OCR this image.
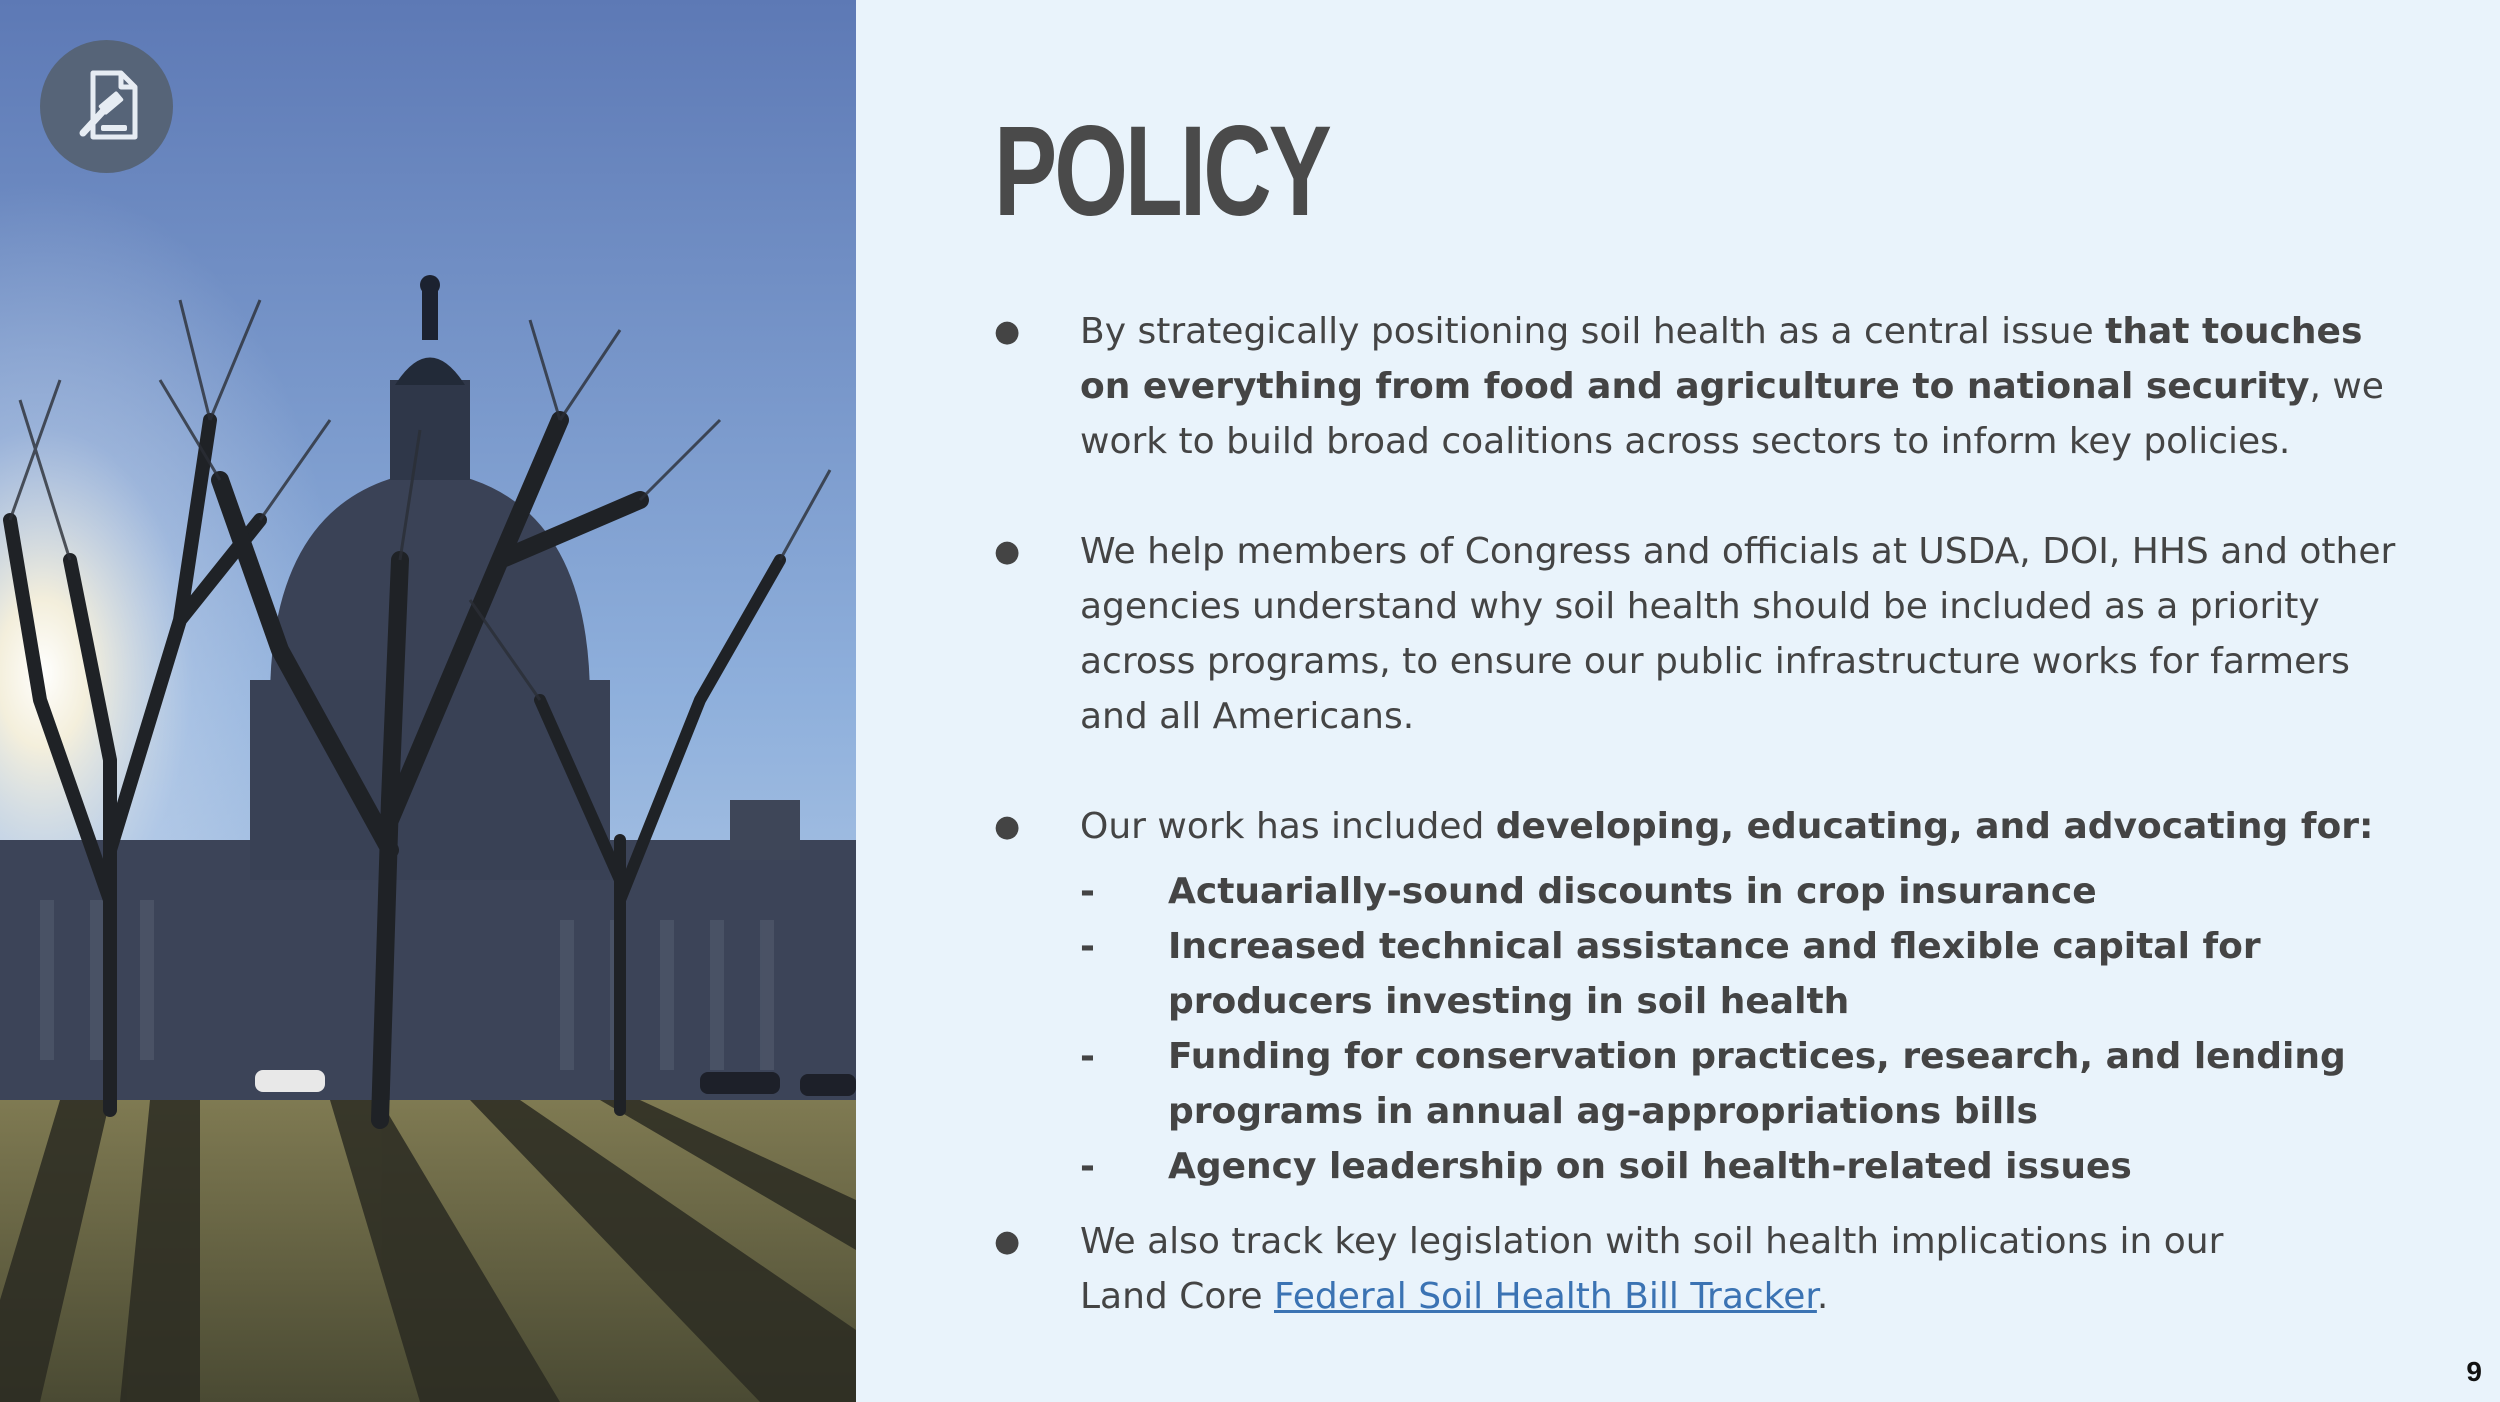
POLICY
● By strategically positioning soil health as a central issue that touches on everything from food and agriculture to national security, we work to build broad coalitions across sectors to inform key policies.
● We help members of Congress and officials at USDA, DOI, HHS and other agencies understand why soil health should be included as a priority across programs, to ensure our public infrastructure works for farmers and all Americans.
● Our work has included developing, educating, and advocating for:
- Actuarially-sound discounts in crop insurance
- Increased technical assistance and flexible capital for producers investing in soil health
- Funding for conservation practices, research, and lending programs in annual ag-appropriations bills
- Agency leadership on soil health-related issues
● We also track key legislation with soil health implications in our Land Core Federal Soil Health Bill Tracker.
9
